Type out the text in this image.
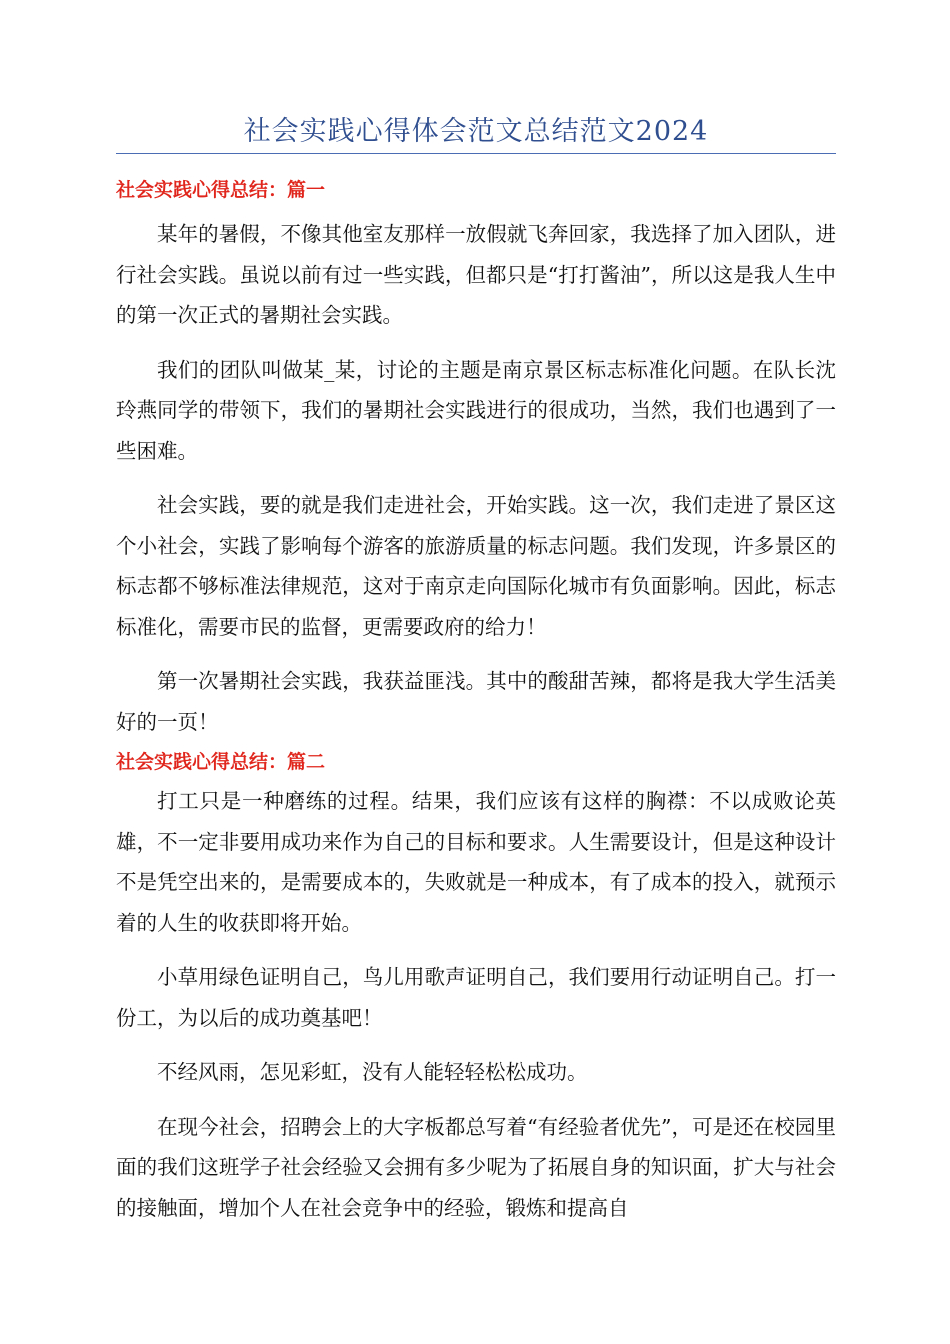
社会实践心得体会范文总结范文2024
社会实践心得总结：篇一

某年的暑假，不像其他室友那样一放假就飞奔回家，我选择了加入团队，进行社会实践。虽说以前有过一些实践，但都只是“打打酱油”，所以这是我人生中的第一次正式的暑期社会实践。

我们的团队叫做某_某，讨论的主题是南京景区标志标准化问题。在队长沈玲燕同学的带领下，我们的暑期社会实践进行的很成功，当然，我们也遇到了一些困难。

社会实践，要的就是我们走进社会，开始实践。这一次，我们走进了景区这个小社会，实践了影响每个游客的旅游质量的标志问题。我们发现，许多景区的标志都不够标准法律规范，这对于南京走向国际化城市有负面影响。因此，标志标准化，需要市民的监督，更需要政府的给力！

第一次暑期社会实践，我获益匪浅。其中的酸甜苦辣，都将是我大学生活美好的一页！

社会实践心得总结：篇二

打工只是一种磨练的过程。结果，我们应该有这样的胸襟：不以成败论英雄，不一定非要用成功来作为自己的目标和要求。人生需要设计，但是这种设计不是凭空出来的，是需要成本的，失败就是一种成本，有了成本的投入，就预示着的人生的收获即将开始。

小草用绿色证明自己，鸟儿用歌声证明自己，我们要用行动证明自己。打一份工，为以后的成功奠基吧！

不经风雨，怎见彩虹，没有人能轻轻松松成功。

在现今社会，招聘会上的大字板都总写着“有经验者优先”，可是还在校园里面的我们这班学子社会经验又会拥有多少呢为了拓展自身的知识面，扩大与社会的接触面，增加个人在社会竞争中的经验，锻炼和提高自
